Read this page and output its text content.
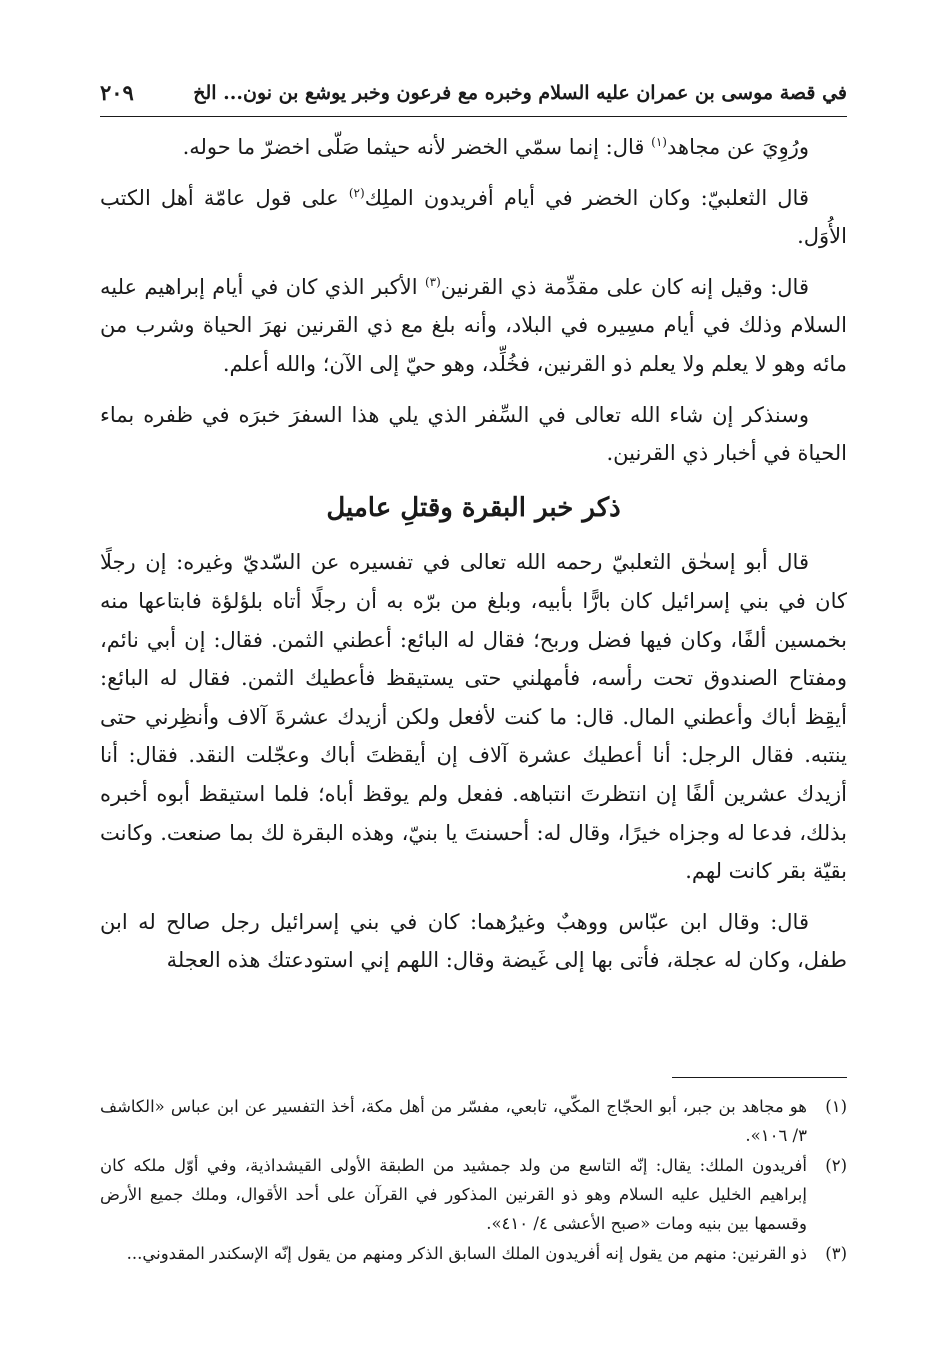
في قصة موسى بن عمران عليه السلام وخبره مع فرعون وخبر يوشع بن نون... الخ
٢٠٩

ورُوِيَ عن مجاهد$^{(١)}$ قال: إنما سمّي الخضر لأنه حيثما صَلّى اخضرّ ما حوله.

قال الثعلبيّ: وكان الخضر في أيام أفريدون الملِك$^{(٢)}$ على قول عامّة أهل الكتب الأُوَل.

قال: وقيل إنه كان على مقدِّمة ذي القرنين$^{(٣)}$ الأكبر الذي كان في أيام إبراهيم عليه السلام وذلك في أيام مسِيره في البلاد، وأنه بلغ مع ذي القرنين نهرَ الحياة وشرب من مائه وهو لا يعلم ولا يعلم ذو القرنين، فخُلِّد، وهو حيّ إلى الآن؛ والله أعلم.

وسنذكر إن شاء الله تعالى في السِّفر الذي يلي هذا السفرَ خبرَه في ظفره بماء الحياة في أخبار ذي القرنين.

ذكر خبر البقرة وقتلِ عاميل

قال أبو إسحٰق الثعلبيّ رحمه الله تعالى في تفسيره عن السّديّ وغيره: إن رجلًا كان في بني إسرائيل كان بارًّا بأبيه، وبلغ من برّه به أن رجلًا أتاه بلؤلؤة فابتاعها منه بخمسين ألفًا، وكان فيها فضل وربح؛ فقال له البائع: أعطني الثمن. فقال: إن أبي نائم، ومفتاح الصندوق تحت رأسه، فأمهلني حتى يستيقظ فأعطيك الثمن. فقال له البائع: أيقِظ أباك وأعطني المال. قال: ما كنت لأفعل ولكن أزيدك عشرةَ آلاف وأنظِرني حتى ينتبه. فقال الرجل: أنا أعطيك عشرة آلاف إن أيقظتَ أباك وعجّلت النقد. فقال: أنا أزيدك عشرين ألفًا إن انتظرتَ انتباهه. ففعل ولم يوقظ أباه؛ فلما استيقظ أبوه أخبره بذلك، فدعا له وجزاه خيرًا، وقال له: أحسنتَ يا بنيّ، وهذه البقرة لك بما صنعت. وكانت بقيّة بقر كانت لهم.

قال: وقال ابن عبّاس ووهبٌ وغيرُهما: كان في بني إسرائيل رجل صالح له ابن طفل، وكان له عجلة، فأتى بها إلى غَيضة وقال: اللهم إني استودعتك هذه العجلة

(١)
هو مجاهد بن جبر، أبو الحجّاج المكّي، تابعي، مفسّر من أهل مكة، أخذ التفسير عن ابن عباس «الكاشف ٣/ ١٠٦».
(٢)
أفريدون الملك: يقال: إنّه التاسع من ولد جمشيد من الطبقة الأولى القيشداذية، وفي أوّل ملكه كان إبراهيم الخليل عليه السلام وهو ذو القرنين المذكور في القرآن على أحد الأقوال، وملك جميع الأرض وقسمها بين بنيه ومات «صبح الأعشى ٤/ ٤١٠».
(٣)
ذو القرنين: منهم من يقول إنه أفريدون الملك السابق الذكر ومنهم من يقول إنّه الإسكندر المقدوني...
